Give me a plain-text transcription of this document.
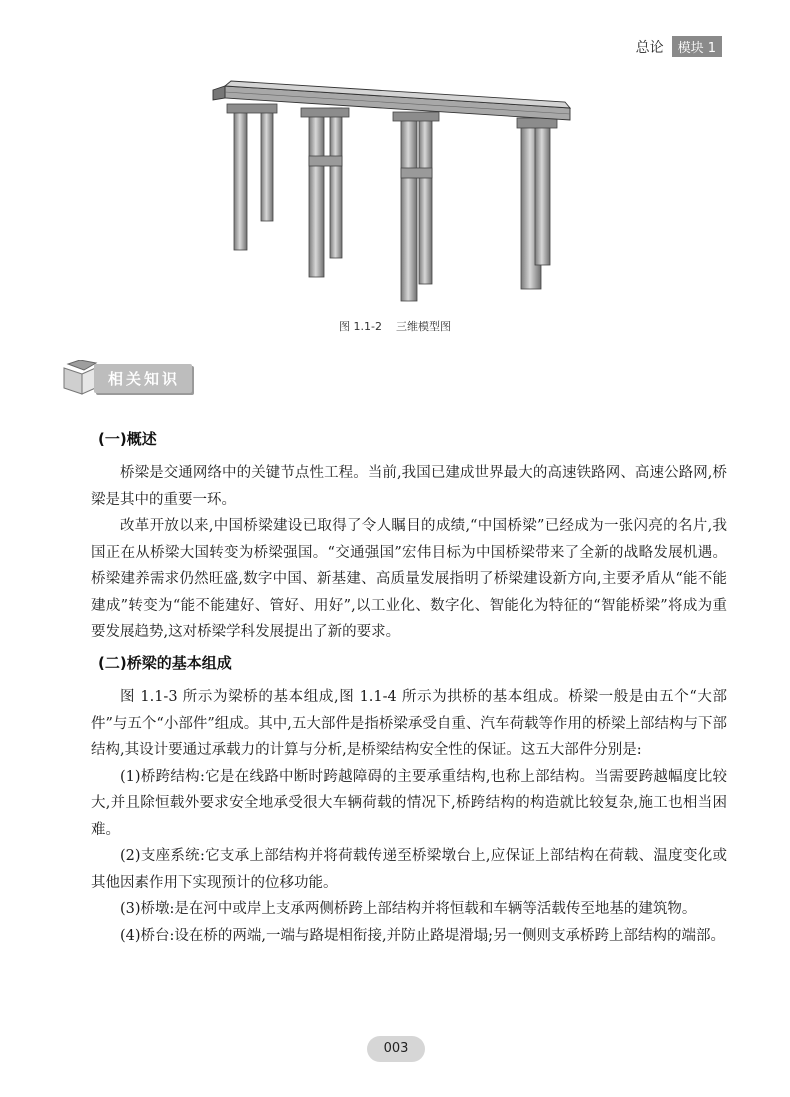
总论	模块 1
图 1.1-2 三维模型图
相关知识
(一)概述

桥梁是交通网络中的关键节点性工程。当前,我国已建成世界最大的高速铁路网、高速公路网,桥梁是其中的重要一环。

改革开放以来,中国桥梁建设已取得了令人瞩目的成绩,“中国桥梁”已经成为一张闪亮的名片,我国正在从桥梁大国转变为桥梁强国。“交通强国”宏伟目标为中国桥梁带来了全新的战略发展机遇。桥梁建养需求仍然旺盛,数字中国、新基建、高质量发展指明了桥梁建设新方向,主要矛盾从“能不能建成”转变为“能不能建好、管好、用好”,以工业化、数字化、智能化为特征的“智能桥梁”将成为重要发展趋势,这对桥梁学科发展提出了新的要求。

(二)桥梁的基本组成

图 1.1-3 所示为梁桥的基本组成,图 1.1-4 所示为拱桥的基本组成。桥梁一般是由五个“大部件”与五个“小部件”组成。其中,五大部件是指桥梁承受自重、汽车荷载等作用的桥梁上部结构与下部结构,其设计要通过承载力的计算与分析,是桥梁结构安全性的保证。这五大部件分别是:

(1)桥跨结构:它是在线路中断时跨越障碍的主要承重结构,也称上部结构。当需要跨越幅度比较大,并且除恒载外要求安全地承受很大车辆荷载的情况下,桥跨结构的构造就比较复杂,施工也相当困难。

(2)支座系统:它支承上部结构并将荷载传递至桥梁墩台上,应保证上部结构在荷载、温度变化或其他因素作用下实现预计的位移功能。

(3)桥墩:是在河中或岸上支承两侧桥跨上部结构并将恒载和车辆等活载传至地基的建筑物。

(4)桥台:设在桥的两端,一端与路堤相衔接,并防止路堤滑塌;另一侧则支承桥跨上部结构的端部。

003
